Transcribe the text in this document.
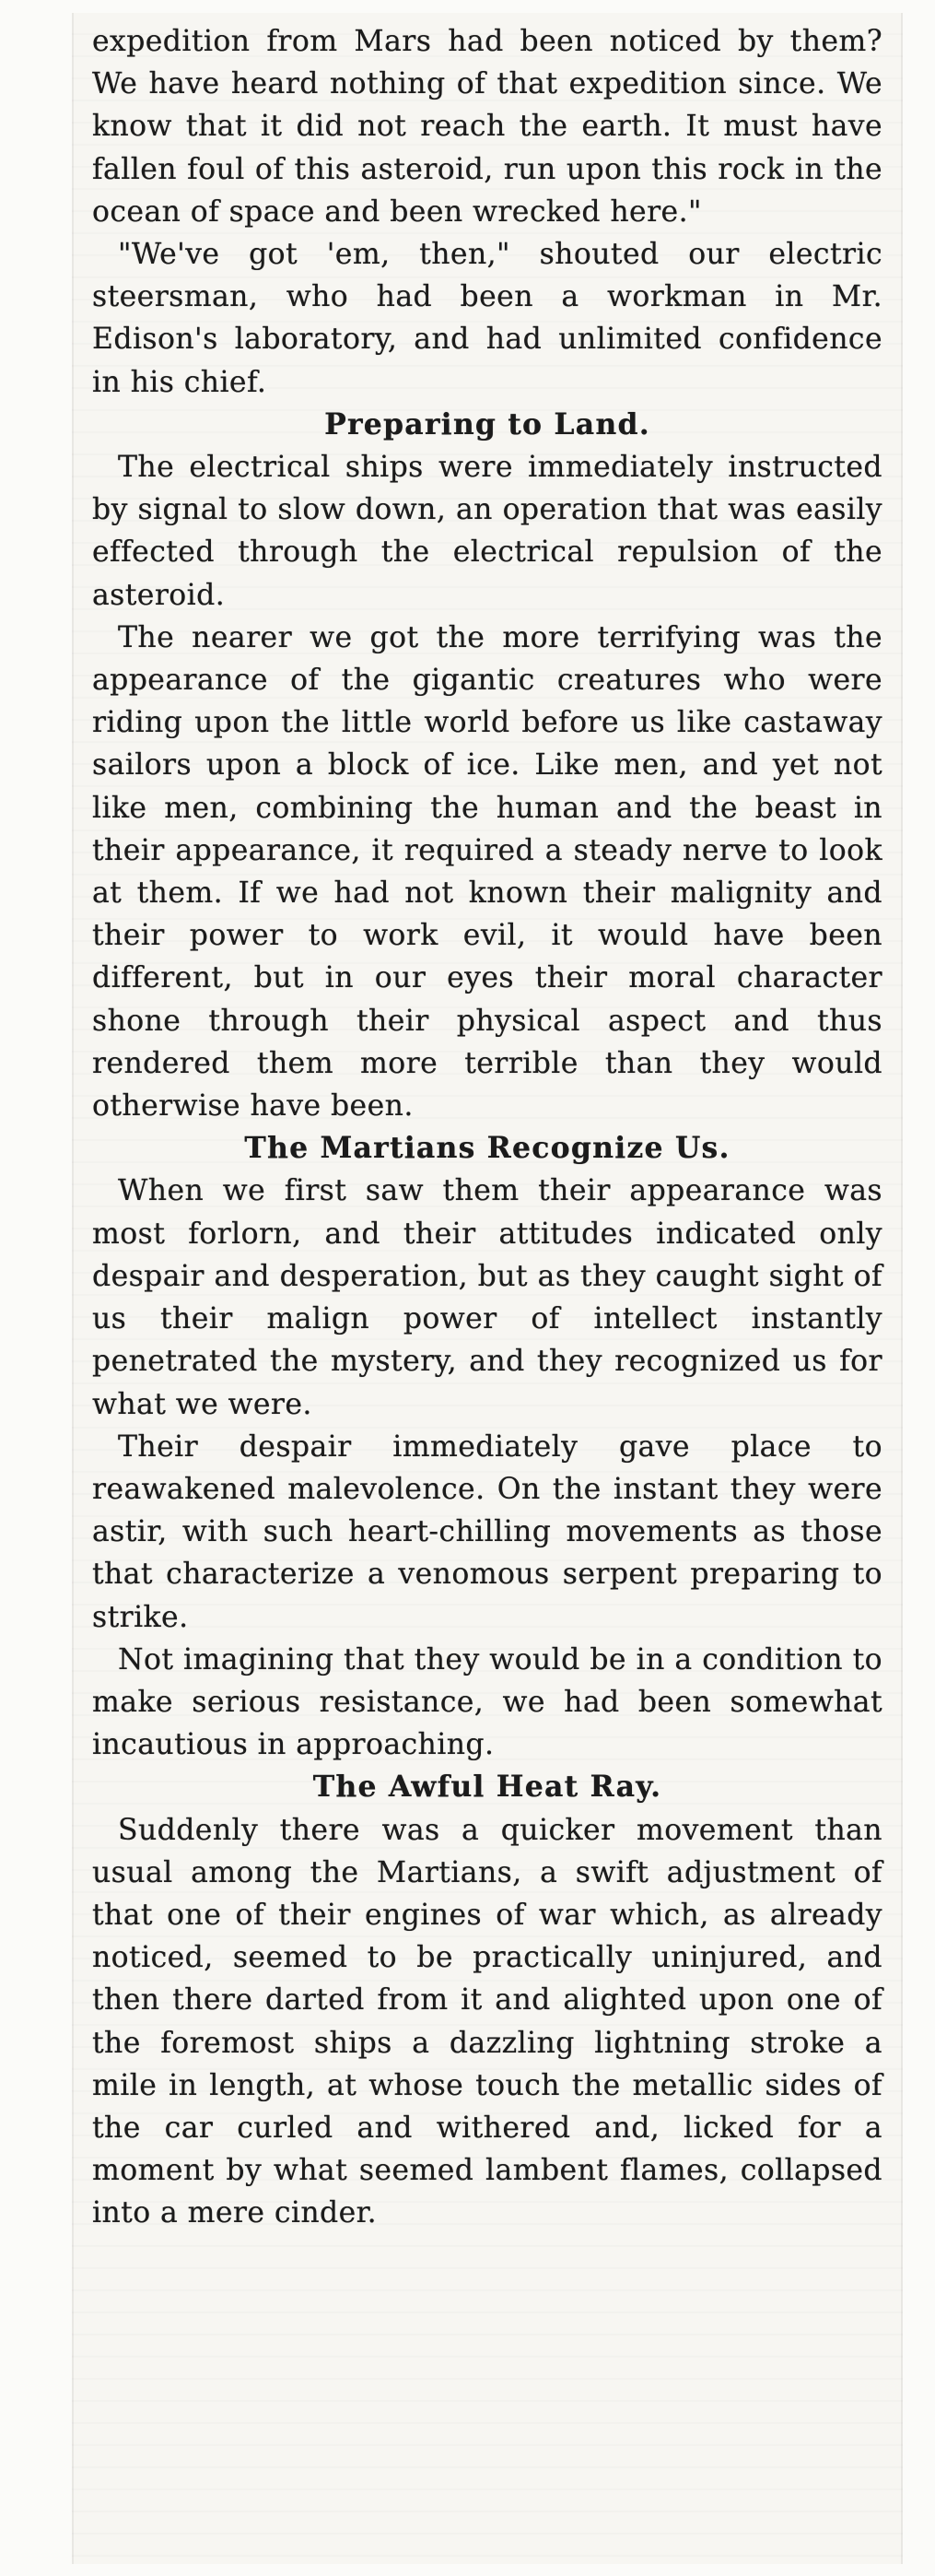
expedition from Mars had been noticed by them? We have heard nothing of that expedition since. We know that it did not reach the earth. It must have fallen foul of this asteroid, run upon this rock in the ocean of space and been wrecked here."

"We've got 'em, then," shouted our electric steersman, who had been a workman in Mr. Edison's laboratory, and had unlimited confidence in his chief.

Preparing to Land.

The electrical ships were immediately instructed by signal to slow down, an operation that was easily effected through the electrical repulsion of the asteroid.

The nearer we got the more terrifying was the appearance of the gigantic creatures who were riding upon the little world before us like castaway sailors upon a block of ice. Like men, and yet not like men, combining the human and the beast in their appearance, it required a steady nerve to look at them. If we had not known their malignity and their power to work evil, it would have been different, but in our eyes their moral character shone through their physical aspect and thus rendered them more terrible than they would otherwise have been.

The Martians Recognize Us.

When we first saw them their appearance was most forlorn, and their attitudes indicated only despair and desperation, but as they caught sight of us their malign power of intellect instantly penetrated the mystery, and they recognized us for what we were.

Their despair immediately gave place to reawakened malevolence. On the instant they were astir, with such heart-chilling movements as those that characterize a venomous serpent preparing to strike.

Not imagining that they would be in a condition to make serious resistance, we had been somewhat incautious in approaching.

The Awful Heat Ray.

Suddenly there was a quicker movement than usual among the Martians, a swift adjustment of that one of their engines of war which, as already noticed, seemed to be practically uninjured, and then there darted from it and alighted upon one of the foremost ships a dazzling lightning stroke a mile in length, at whose touch the metallic sides of the car curled and withered and, licked for a moment by what seemed lambent flames, collapsed into a mere cinder.
